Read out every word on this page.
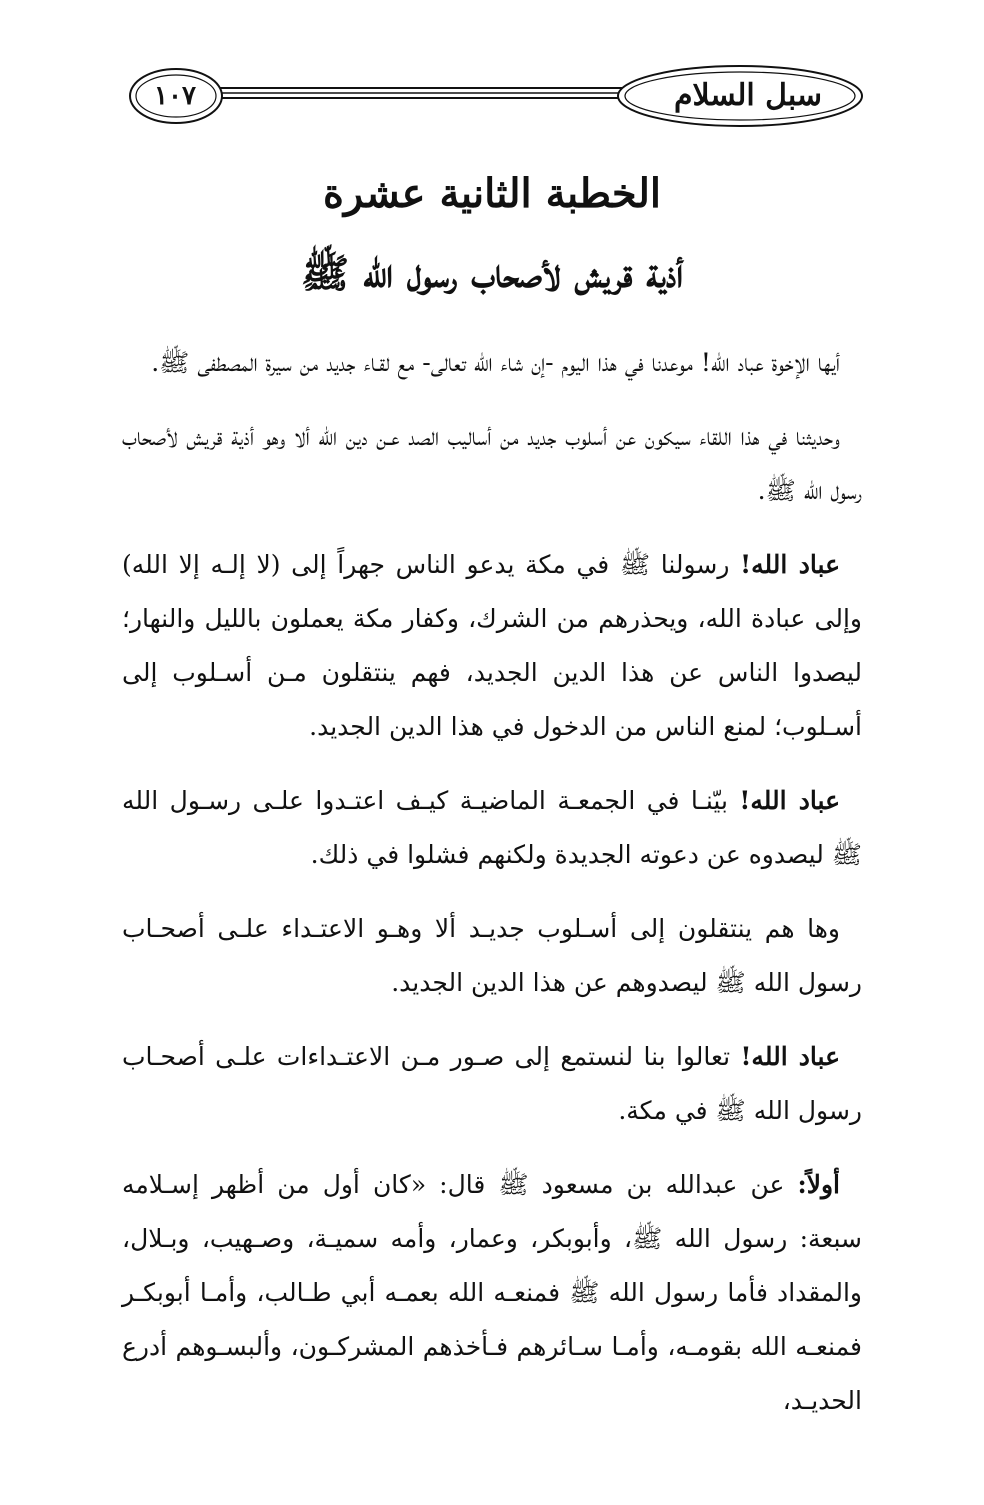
سبل السلام
١٠٧
الخطبة الثانية عشرة
أذية قريش لأصحاب رسول الله ﷺ

أيها الإخوة عباد الله! موعدنا في هذا اليوم -إن شاء الله تعالى- مع لقـاء جديد من سيرة المصطفى ﷺ.

وحديثنا في هذا اللقاء سيكون عن أسلوب جديد من أساليب الصد عـن دين الله ألا وهو أذية قريش لأصحاب رسول الله ﷺ.

عباد الله! رسولنا ﷺ في مكة يدعو الناس جهراً إلى (لا إلـه إلا الله) وإلى عبادة الله، ويحذرهم من الشرك، وكفار مكة يعملون بالليل والنهار؛ ليصدوا الناس عن هذا الدين الجديد، فهم ينتقلون مـن أسـلوب إلى أسـلوب؛ لمنع الناس من الدخول في هذا الدين الجديد.

عباد الله! بيّنـا في الجمعـة الماضيـة كيـف اعتـدوا علـى رسـول الله ﷺ ليصدوه عن دعوته الجديدة ولكنهم فشلوا في ذلك.

وها هم ينتقلون إلى أسـلوب جديـد ألا وهـو الاعتـداء علـى أصحـاب رسول الله ﷺ ليصدوهم عن هذا الدين الجديد.

عباد الله! تعالوا بنا لنستمع إلى صـور مـن الاعتـداءات علـى أصحـاب رسول الله ﷺ في مكة.

أولاً: عن عبدالله بن مسعود ﷺ قال: «كان أول من أظهر إسـلامه سبعة: رسول الله ﷺ، وأبوبكر، وعمار، وأمه سميـة، وصـهيب، وبـلال، والمقداد فأما رسول الله ﷺ فمنعـه الله بعمـه أبي طـالب، وأمـا أبوبكـر فمنعـه الله بقومـه، وأمـا سـائرهم فـأخذهم المشركـون، وألبسـوهم أدرع الحديـد،
